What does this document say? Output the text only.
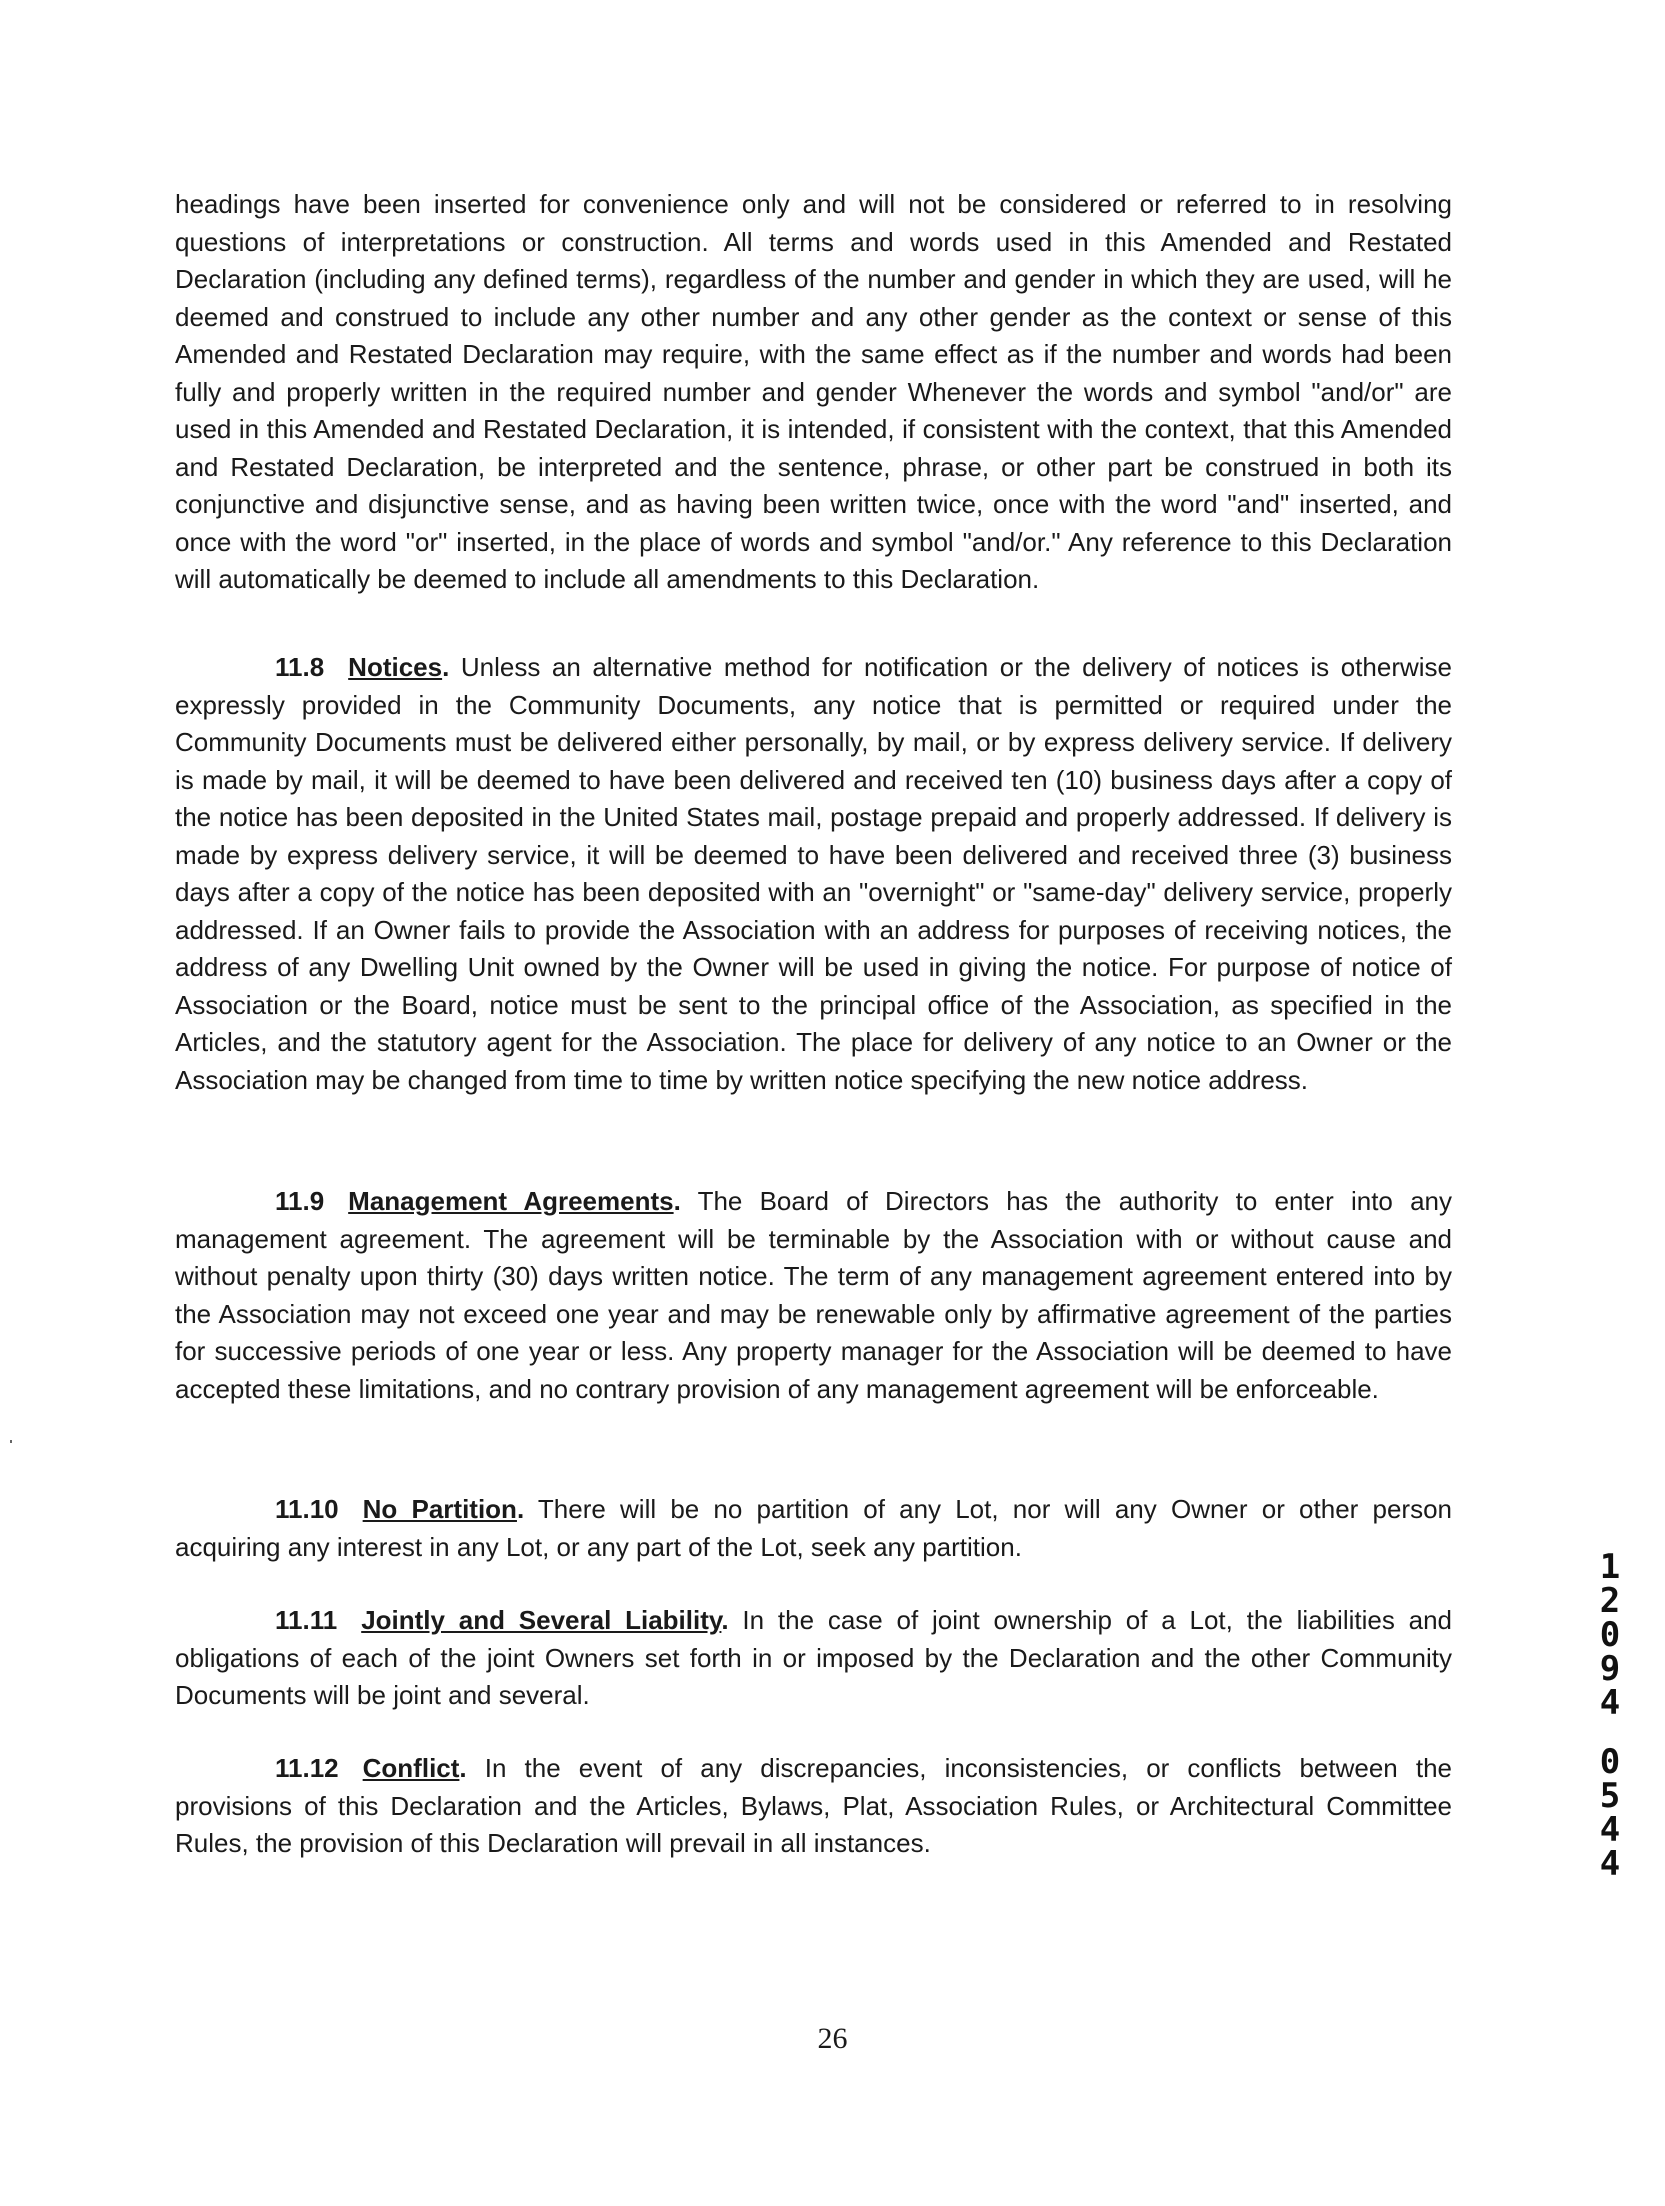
headings have been inserted for convenience only and will not be considered or referred to in resolving questions of interpretations or construction. All terms and words used in this Amended and Restated Declaration (including any defined terms), regardless of the number and gender in which they are used, will he deemed and construed to include any other number and any other gender as the context or sense of this Amended and Restated Declaration may require, with the same effect as if the number and words had been fully and properly written in the required number and gender Whenever the words and symbol "and/or" are used in this Amended and Restated Declaration, it is intended, if consistent with the context, that this Amended and Restated Declaration, be interpreted and the sentence, phrase, or other part be construed in both its conjunctive and disjunctive sense, and as having been written twice, once with the word "and" inserted, and once with the word "or" inserted, in the place of words and symbol "and/or." Any reference to this Declaration will automatically be deemed to include all amendments to this Declaration.

11.8 Notices. Unless an alternative method for notification or the delivery of notices is otherwise expressly provided in the Community Documents, any notice that is permitted or required under the Community Documents must be delivered either personally, by mail, or by express delivery service. If delivery is made by mail, it will be deemed to have been delivered and received ten (10) business days after a copy of the notice has been deposited in the United States mail, postage prepaid and properly addressed. If delivery is made by express delivery service, it will be deemed to have been delivered and received three (3) business days after a copy of the notice has been deposited with an "overnight" or "same-day" delivery service, properly addressed. If an Owner fails to provide the Association with an address for purposes of receiving notices, the address of any Dwelling Unit owned by the Owner will be used in giving the notice. For purpose of notice of Association or the Board, notice must be sent to the principal office of the Association, as specified in the Articles, and the statutory agent for the Association. The place for delivery of any notice to an Owner or the Association may be changed from time to time by written notice specifying the new notice address.

11.9 Management Agreements. The Board of Directors has the authority to enter into any management agreement. The agreement will be terminable by the Association with or without cause and without penalty upon thirty (30) days written notice. The term of any management agreement entered into by the Association may not exceed one year and may be renewable only by affirmative agreement of the parties for successive periods of one year or less. Any property manager for the Association will be deemed to have accepted these limitations, and no contrary provision of any management agreement will be enforceable.

11.10 No Partition. There will be no partition of any Lot, nor will any Owner or other person acquiring any interest in any Lot, or any part of the Lot, seek any partition.

11.11 Jointly and Several Liability. In the case of joint ownership of a Lot, the liabilities and obligations of each of the joint Owners set forth in or imposed by the Declaration and the other Community Documents will be joint and several.

11.12 Conflict. In the event of any discrepancies, inconsistencies, or conflicts between the provisions of this Declaration and the Articles, Bylaws, Plat, Association Rules, or Architectural Committee Rules, the provision of this Declaration will prevail in all instances.

1
2
0
9
4
0
5
4
4
26
